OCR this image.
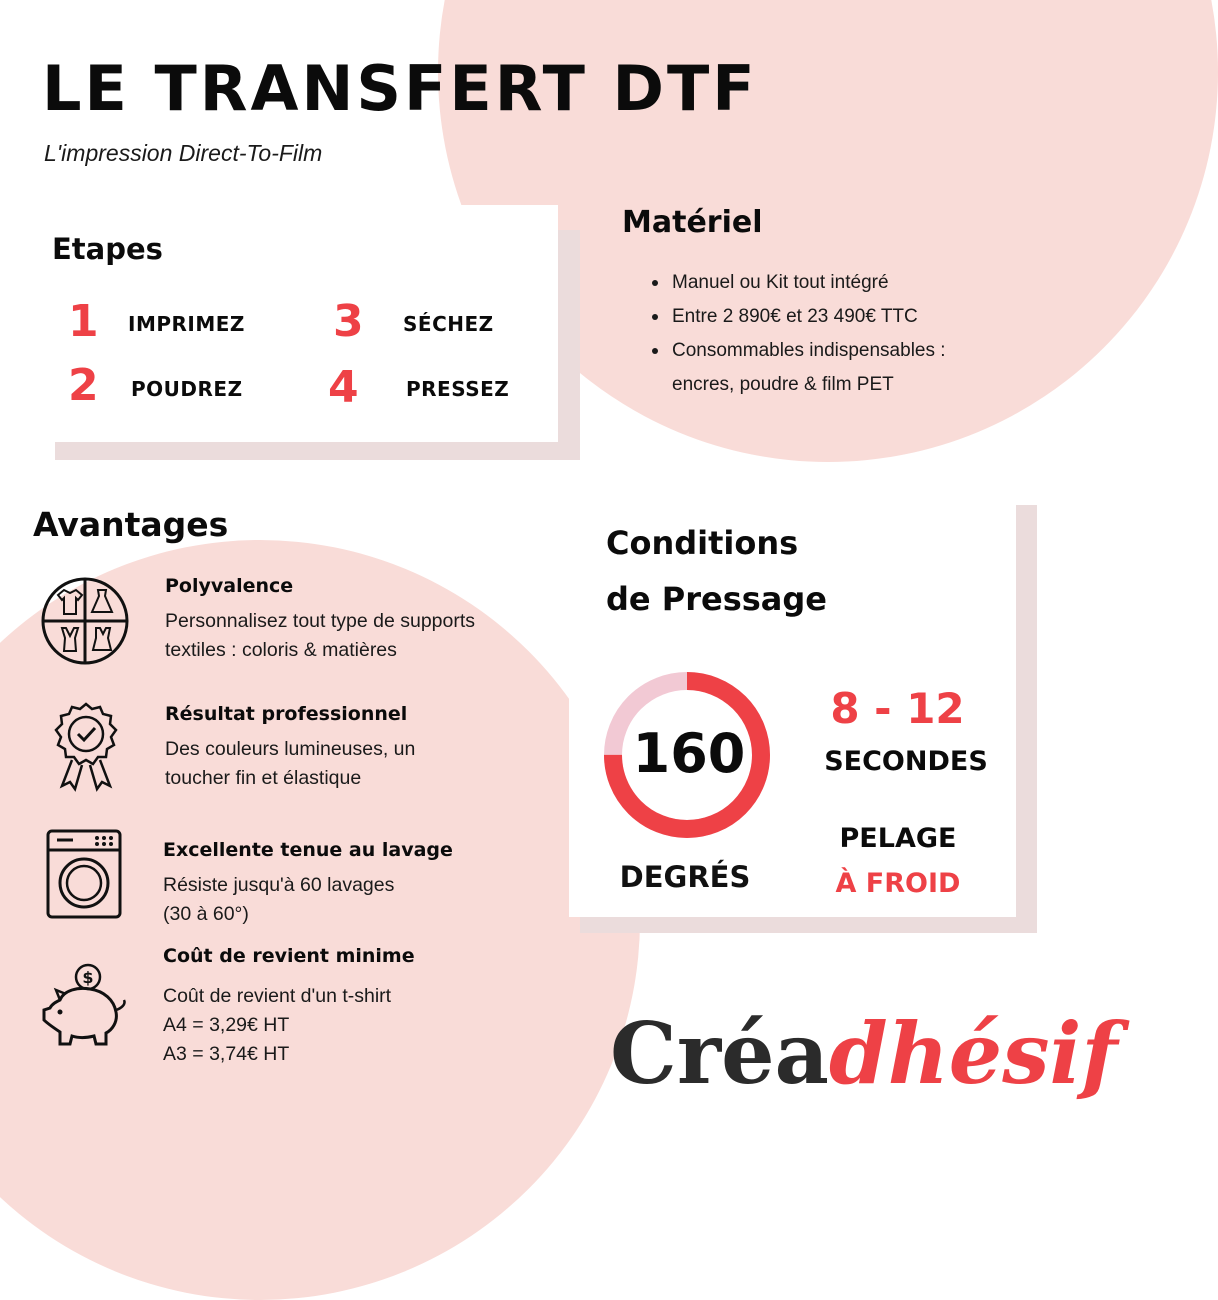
LE TRANSFERT DTF
L'impression Direct-To-Film
Etapes
1 IMPRIMEZ
2 POUDREZ
3 SÉCHEZ
4 PRESSEZ
Matériel
Manuel ou Kit tout intégré
Entre 2 890€ et 23 490€ TTC
Consommables indispensables :
encres, poudre & film PET
Avantages
Polyvalence
Personnalisez tout type de supports
textiles : coloris & matières
Résultat professionnel
Des couleurs lumineuses, un
toucher fin et élastique
Excellente tenue au lavage
Résiste jusqu'à 60 lavages
(30 à 60°)
$
Coût de revient minime
Coût de revient d'un t-shirt
A4 = 3,29€ HT
A3 = 3,74€ HT
Conditions
de Pressage
160
DEGRÉS
8 - 12
SECONDES
PELAGE
À FROID
Créadhésif
